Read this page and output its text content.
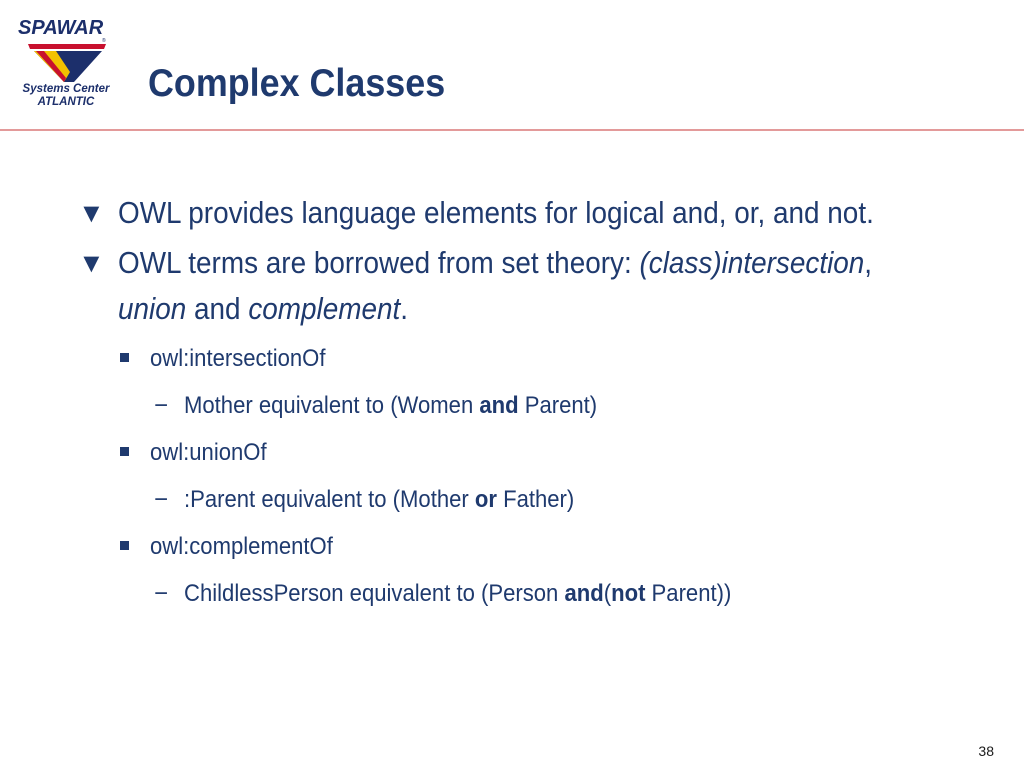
SPAWAR
®
Systems Center
ATLANTIC	Complex Classes
▼ OWL provides language elements for logical and, or, and not.
▼ OWL terms are borrowed from set theory: (class)intersection, union and complement.
owl:intersectionOf
− Mother equivalent to (Women and Parent)
owl:unionOf
− :Parent equivalent to (Mother or Father)
owl:complementOf
− ChildlessPerson equivalent to (Person and(not Parent))
38
